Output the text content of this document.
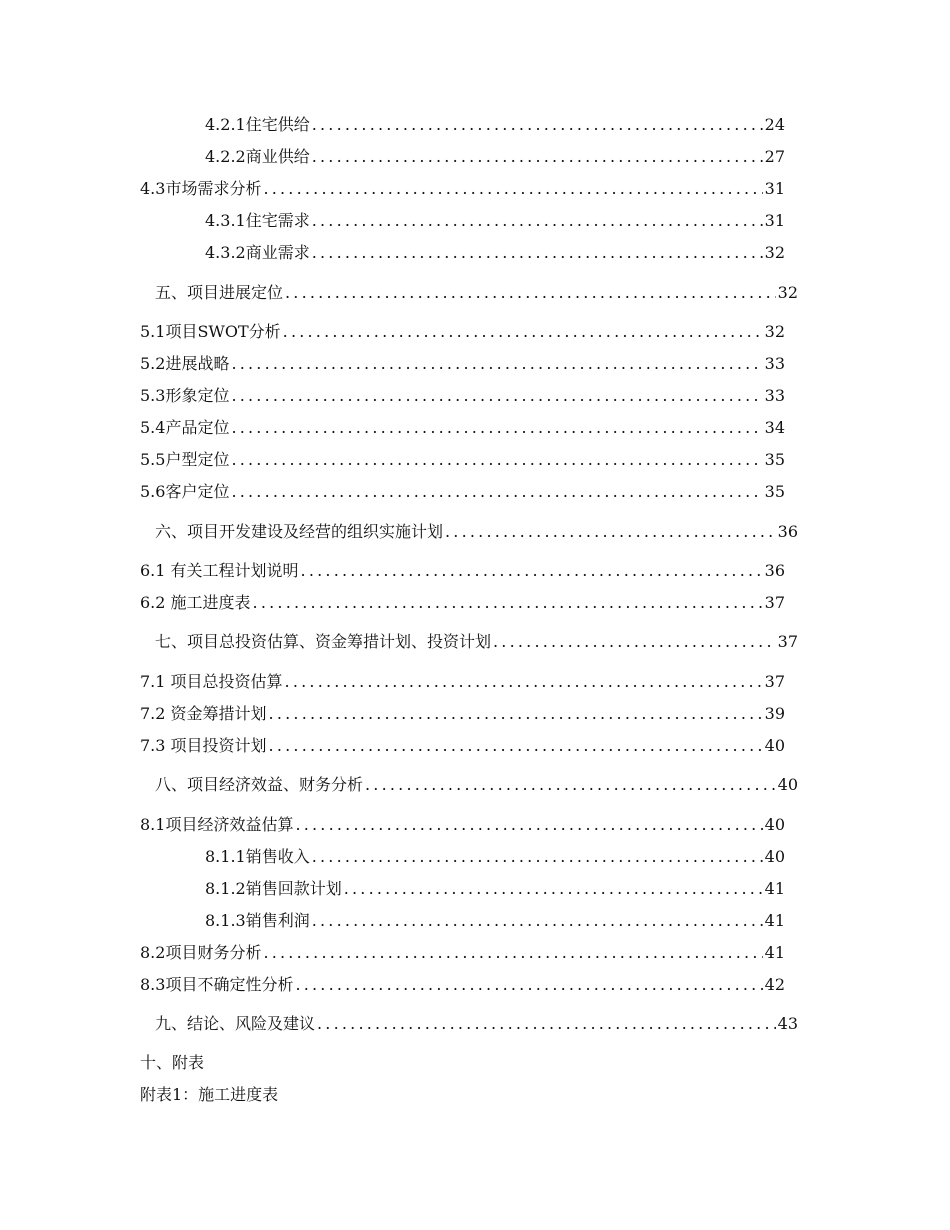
4.2.1住宅供给 .....	24
4.2.2商业供给 .....	27
4.3市场需求分析 .....	31
4.3.1住宅需求 .....	31
4.3.2商业需求 .....	32
五、项目进展定位 .....	32
5.1项目SWOT分析 .....	32
5.2进展战略 .....	33
5.3形象定位 .....	33
5.4产品定位 .....	34
5.5户型定位 .....	35
5.6客户定位 .....	35
六、项目开发建设及经营的组织实施计划 .....	36
6.1 有关工程计划说明 .....	36
6.2 施工进度表 .....	37
七、项目总投资估算、资金筹措计划、投资计划 .....	37
7.1 项目总投资估算 .....	37
7.2 资金筹措计划 .....	39
7.3 项目投资计划 .....	40
八、项目经济效益、财务分析 .....	40
8.1项目经济效益估算 .....	40
8.1.1销售收入 .....	40
8.1.2销售回款计划 .....	41
8.1.3销售利润 .....	41
8.2项目财务分析 .....	41
8.3项目不确定性分析 .....	42
九、结论、风险及建议 .....	43
十、附表
附表1：施工进度表
